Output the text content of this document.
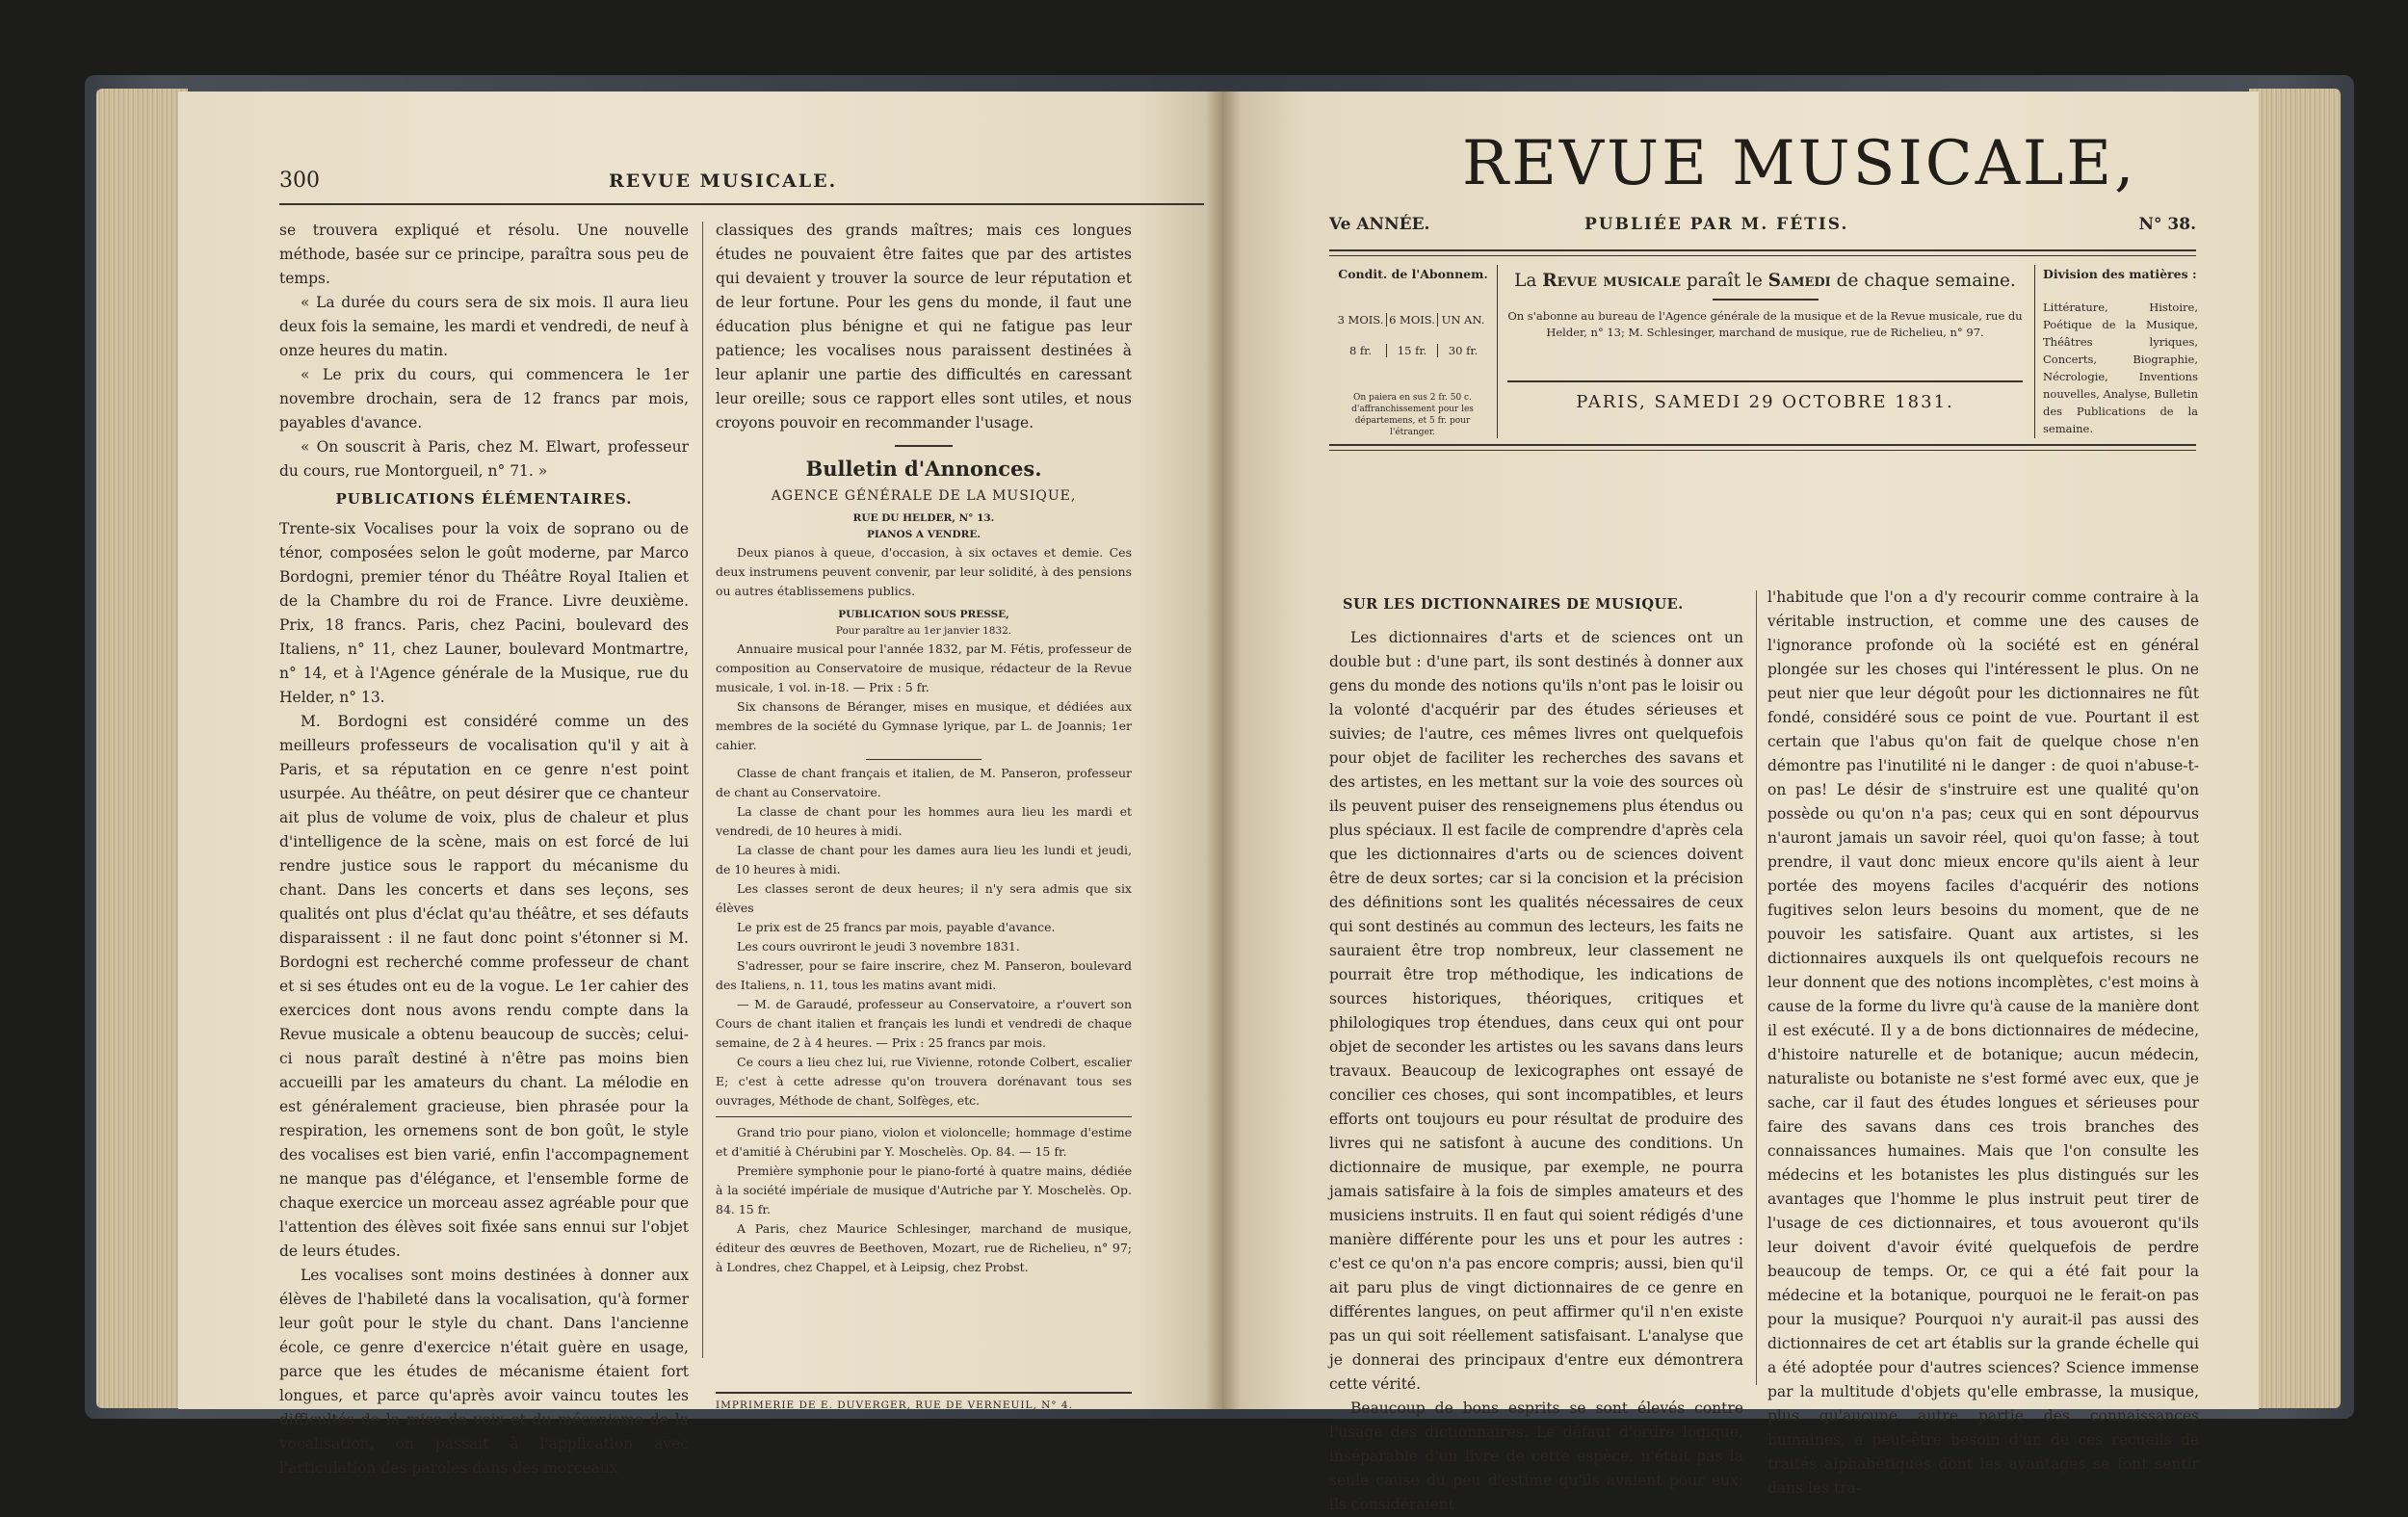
300	REVUE MUSICALE.

se trouvera expliqué et résolu. Une nouvelle méthode, basée sur ce principe, paraîtra sous peu de temps.

« La durée du cours sera de six mois. Il aura lieu deux fois la semaine, les mardi et vendredi, de neuf à onze heures du matin.

« Le prix du cours, qui commencera le 1er novembre drochain, sera de 12 francs par mois, payables d'avance.

« On souscrit à Paris, chez M. Elwart, professeur du cours, rue Montorgueil, n° 71. »

PUBLICATIONS ÉLÉMENTAIRES.

Trente-six Vocalises pour la voix de soprano ou de ténor, composées selon le goût moderne, par Marco Bordogni, premier ténor du Théâtre Royal Italien et de la Chambre du roi de France. Livre deuxième. Prix, 18 francs. Paris, chez Pacini, boulevard des Italiens, n° 11, chez Launer, boulevard Montmartre, n° 14, et à l'Agence générale de la Musique, rue du Helder, n° 13.

M. Bordogni est considéré comme un des meilleurs professeurs de vocalisation qu'il y ait à Paris, et sa réputation en ce genre n'est point usurpée. Au théâtre, on peut désirer que ce chanteur ait plus de volume de voix, plus de chaleur et plus d'intelligence de la scène, mais on est forcé de lui rendre justice sous le rapport du mécanisme du chant. Dans les concerts et dans ses leçons, ses qualités ont plus d'éclat qu'au théâtre, et ses défauts disparaissent : il ne faut donc point s'étonner si M. Bordogni est recherché comme professeur de chant et si ses études ont eu de la vogue. Le 1er cahier des exercices dont nous avons rendu compte dans la Revue musicale a obtenu beaucoup de succès; celui-ci nous paraît destiné à n'être pas moins bien accueilli par les amateurs du chant. La mélodie en est généralement gracieuse, bien phrasée pour la respiration, les ornemens sont de bon goût, le style des vocalises est bien varié, enfin l'accompagnement ne manque pas d'élégance, et l'ensemble forme de chaque exercice un morceau assez agréable pour que l'attention des élèves soit fixée sans ennui sur l'objet de leurs études.

Les vocalises sont moins destinées à donner aux élèves de l'habileté dans la vocalisation, qu'à former leur goût pour le style du chant. Dans l'ancienne école, ce genre d'exercice n'était guère en usage, parce que les études de mécanisme étaient fort longues, et parce qu'après avoir vaincu toutes les difficultés de la mise de voix et du mécanisme de la vocalisation, on passait à l'application avec l'articulation des paroles dans des morceaux

classiques des grands maîtres; mais ces longues études ne pouvaient être faites que par des artistes qui devaient y trouver la source de leur réputation et de leur fortune. Pour les gens du monde, il faut une éducation plus bénigne et qui ne fatigue pas leur patience; les vocalises nous paraissent destinées à leur aplanir une partie des difficultés en caressant leur oreille; sous ce rapport elles sont utiles, et nous croyons pouvoir en recommander l'usage.

Bulletin d'Annonces.
AGENCE GÉNÉRALE DE LA MUSIQUE,
RUE DU HELDER, N° 13.
PIANOS A VENDRE.

Deux pianos à queue, d'occasion, à six octaves et demie. Ces deux instrumens peuvent convenir, par leur solidité, à des pensions ou autres établissemens publics.

PUBLICATION SOUS PRESSE,
Pour paraître au 1er janvier 1832.

Annuaire musical pour l'année 1832, par M. Fétis, professeur de composition au Conservatoire de musique, rédacteur de la Revue musicale, 1 vol. in-18. — Prix : 5 fr.

Six chansons de Béranger, mises en musique, et dédiées aux membres de la société du Gymnase lyrique, par L. de Joannis; 1er cahier.

Classe de chant français et italien, de M. Panseron, professeur de chant au Conservatoire.

La classe de chant pour les hommes aura lieu les mardi et vendredi, de 10 heures à midi.

La classe de chant pour les dames aura lieu les lundi et jeudi, de 10 heures à midi.

Les classes seront de deux heures; il n'y sera admis que six élèves

Le prix est de 25 francs par mois, payable d'avance.

Les cours ouvriront le jeudi 3 novembre 1831.

S'adresser, pour se faire inscrire, chez M. Panseron, boulevard des Italiens, n. 11, tous les matins avant midi.

— M. de Garaudé, professeur au Conservatoire, a r'ouvert son Cours de chant italien et français les lundi et vendredi de chaque semaine, de 2 à 4 heures. — Prix : 25 francs par mois.

Ce cours a lieu chez lui, rue Vivienne, rotonde Colbert, escalier E; c'est à cette adresse qu'on trouvera dorénavant tous ses ouvrages, Méthode de chant, Solfèges, etc.

Grand trio pour piano, violon et violoncelle; hommage d'estime et d'amitié à Chérubini par Y. Moschelès. Op. 84. — 15 fr.

Première symphonie pour le piano-forté à quatre mains, dédiée à la société impériale de musique d'Autriche par Y. Moschelès. Op. 84. 15 fr.

A Paris, chez Maurice Schlesinger, marchand de musique, éditeur des œuvres de Beethoven, Mozart, rue de Richelieu, n° 97; à Londres, chez Chappel, et à Leipsig, chez Probst.

IMPRIMERIE DE E. DUVERGER, RUE DE VERNEUIL, N° 4.
REVUE MUSICALE,
Ve ANNÉE.	PUBLIÉE PAR M. FÉTIS.	N° 38.
Condit. de l'Abonnem.
3 MOIS. 6 MOIS. UN AN.
8 fr.	15 fr.	30 fr.
On paiera en sus 2 fr. 50 c. d'affranchissement pour les départemens, et 5 fr. pour l'étranger.
La Revue musicale paraît le Samedi de chaque semaine.
On s'abonne au bureau de l'Agence générale de la musique et de la Revue musicale, rue du Helder, n° 13; M. Schlesinger, marchand de musique, rue de Richelieu, n° 97.
PARIS, SAMEDI 29 OCTOBRE 1831.
Division des matières :
Littérature, Histoire, Poétique de la Musique, Théâtres lyriques, Concerts, Biographie, Nécrologie, Inventions nouvelles, Analyse, Bulletin des Publications de la semaine.
SUR LES DICTIONNAIRES DE MUSIQUE.

Les dictionnaires d'arts et de sciences ont un double but : d'une part, ils sont destinés à donner aux gens du monde des notions qu'ils n'ont pas le loisir ou la volonté d'acquérir par des études sérieuses et suivies; de l'autre, ces mêmes livres ont quelquefois pour objet de faciliter les recherches des savans et des artistes, en les mettant sur la voie des sources où ils peuvent puiser des renseignemens plus étendus ou plus spéciaux. Il est facile de comprendre d'après cela que les dictionnaires d'arts ou de sciences doivent être de deux sortes; car si la concision et la précision des définitions sont les qualités nécessaires de ceux qui sont destinés au commun des lecteurs, les faits ne sauraient être trop nombreux, leur classement ne pourrait être trop méthodique, les indications de sources historiques, théoriques, critiques et philologiques trop étendues, dans ceux qui ont pour objet de seconder les artistes ou les savans dans leurs travaux. Beaucoup de lexicographes ont essayé de concilier ces choses, qui sont incompatibles, et leurs efforts ont toujours eu pour résultat de produire des livres qui ne satisfont à aucune des conditions. Un dictionnaire de musique, par exemple, ne pourra jamais satisfaire à la fois de simples amateurs et des musiciens instruits. Il en faut qui soient rédigés d'une manière différente pour les uns et pour les autres : c'est ce qu'on n'a pas encore compris; aussi, bien qu'il ait paru plus de vingt dictionnaires de ce genre en différentes langues, on peut affirmer qu'il n'en existe pas un qui soit réellement satisfaisant. L'analyse que je donnerai des principaux d'entre eux démontrera cette vérité.

Beaucoup de bons esprits se sont élevés contre l'usage des dictionnaires. Le défaut d'ordre logique, inséparable d'un livre de cette espèce, n'était pas la seule cause du peu d'estime qu'ils avaient pour eux; ils considéraient

l'habitude que l'on a d'y recourir comme contraire à la véritable instruction, et comme une des causes de l'ignorance profonde où la société est en général plongée sur les choses qui l'intéressent le plus. On ne peut nier que leur dégoût pour les dictionnaires ne fût fondé, considéré sous ce point de vue. Pourtant il est certain que l'abus qu'on fait de quelque chose n'en démontre pas l'inutilité ni le danger : de quoi n'abuse-t-on pas! Le désir de s'instruire est une qualité qu'on possède ou qu'on n'a pas; ceux qui en sont dépourvus n'auront jamais un savoir réel, quoi qu'on fasse; à tout prendre, il vaut donc mieux encore qu'ils aient à leur portée des moyens faciles d'acquérir des notions fugitives selon leurs besoins du moment, que de ne pouvoir les satisfaire. Quant aux artistes, si les dictionnaires auxquels ils ont quelquefois recours ne leur donnent que des notions incomplètes, c'est moins à cause de la forme du livre qu'à cause de la manière dont il est exécuté. Il y a de bons dictionnaires de médecine, d'histoire naturelle et de botanique; aucun médecin, naturaliste ou botaniste ne s'est formé avec eux, que je sache, car il faut des études longues et sérieuses pour faire des savans dans ces trois branches des connaissances humaines. Mais que l'on consulte les médecins et les botanistes les plus distingués sur les avantages que l'homme le plus instruit peut tirer de l'usage de ces dictionnaires, et tous avoueront qu'ils leur doivent d'avoir évité quelquefois de perdre beaucoup de temps. Or, ce qui a été fait pour la médecine et la botanique, pourquoi ne le ferait-on pas pour la musique? Pourquoi n'y aurait-il pas aussi des dictionnaires de cet art établis sur la grande échelle qui a été adoptée pour d'autres sciences? Science immense par la multitude d'objets qu'elle embrasse, la musique, plus qu'aucune autre partie des connaissances humaines, a peut-être besoin d'un de ces recueils de traités alphabétiques dont les avantages se font sentir dans les tra-
